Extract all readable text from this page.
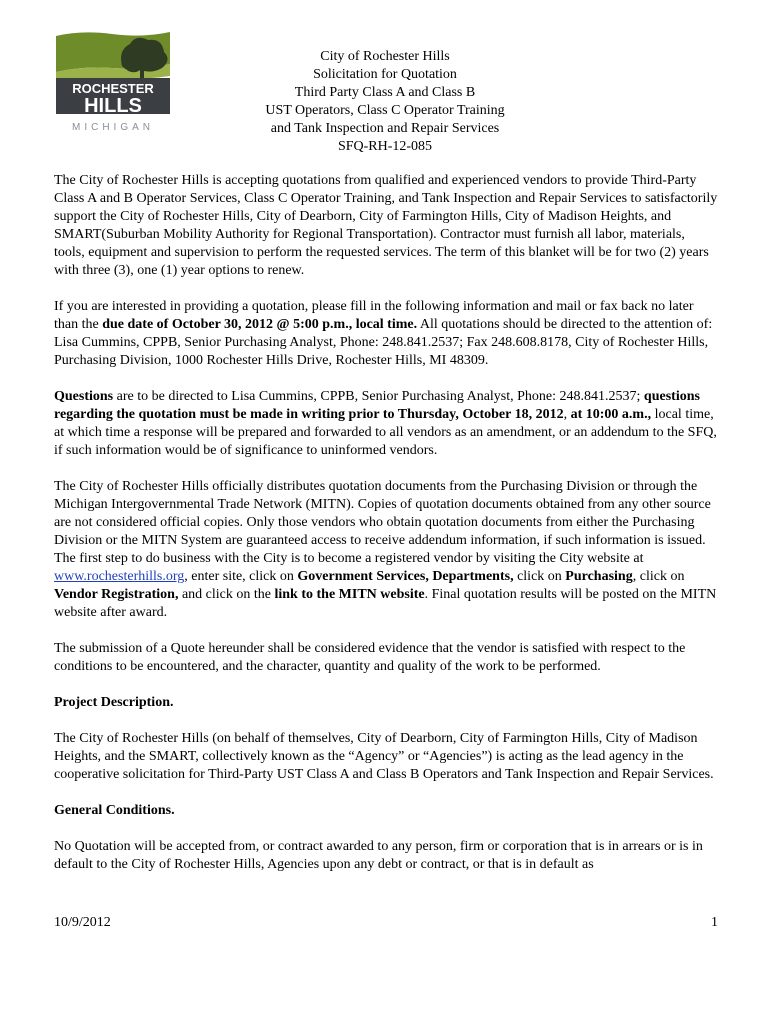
ROCHESTER
HILLS
MICHIGAN
City of Rochester Hills
Solicitation for Quotation
Third Party Class A and Class B
UST Operators, Class C Operator Training
and Tank Inspection and Repair Services
SFQ-RH-12-085

The City of Rochester Hills is accepting quotations from qualified and experienced vendors to provide Third-Party Class A and B Operator Services, Class C Operator Training, and Tank Inspection and Repair Services to satisfactorily support the City of Rochester Hills, City of Dearborn, City of Farmington Hills, City of Madison Heights, and SMART(Suburban Mobility Authority for Regional Transportation). Contractor must furnish all labor, materials, tools, equipment and supervision to perform the requested services. The term of this blanket will be for two (2) years with three (3), one (1) year options to renew.

If you are interested in providing a quotation, please fill in the following information and mail or fax back no later than the due date of October 30, 2012 @ 5:00 p.m., local time. All quotations should be directed to the attention of: Lisa Cummins, CPPB, Senior Purchasing Analyst, Phone: 248.841.2537; Fax 248.608.8178, City of Rochester Hills, Purchasing Division, 1000 Rochester Hills Drive, Rochester Hills, MI 48309.

Questions are to be directed to Lisa Cummins, CPPB, Senior Purchasing Analyst, Phone: 248.841.2537; questions regarding the quotation must be made in writing prior to Thursday, October 18, 2012, at 10:00 a.m., local time, at which time a response will be prepared and forwarded to all vendors as an amendment, or an addendum to the SFQ, if such information would be of significance to uninformed vendors.

The City of Rochester Hills officially distributes quotation documents from the Purchasing Division or through the Michigan Intergovernmental Trade Network (MITN). Copies of quotation documents obtained from any other source are not considered official copies. Only those vendors who obtain quotation documents from either the Purchasing Division or the MITN System are guaranteed access to receive addendum information, if such information is issued. The first step to do business with the City is to become a registered vendor by visiting the City website at www.rochesterhills.org, enter site, click on Government Services, Departments, click on Purchasing, click on Vendor Registration, and click on the link to the MITN website. Final quotation results will be posted on the MITN website after award.

The submission of a Quote hereunder shall be considered evidence that the vendor is satisfied with respect to the conditions to be encountered, and the character, quantity and quality of the work to be performed.

Project Description.

The City of Rochester Hills (on behalf of themselves, City of Dearborn, City of Farmington Hills, City of Madison Heights, and the SMART, collectively known as the “Agency” or “Agencies”) is acting as the lead agency in the cooperative solicitation for Third-Party UST Class A and Class B Operators and Tank Inspection and Repair Services.

General Conditions.

No Quotation will be accepted from, or contract awarded to any person, firm or corporation that is in arrears or is in default to the City of Rochester Hills, Agencies upon any debt or contract, or that is in default as

10/9/2012	1
